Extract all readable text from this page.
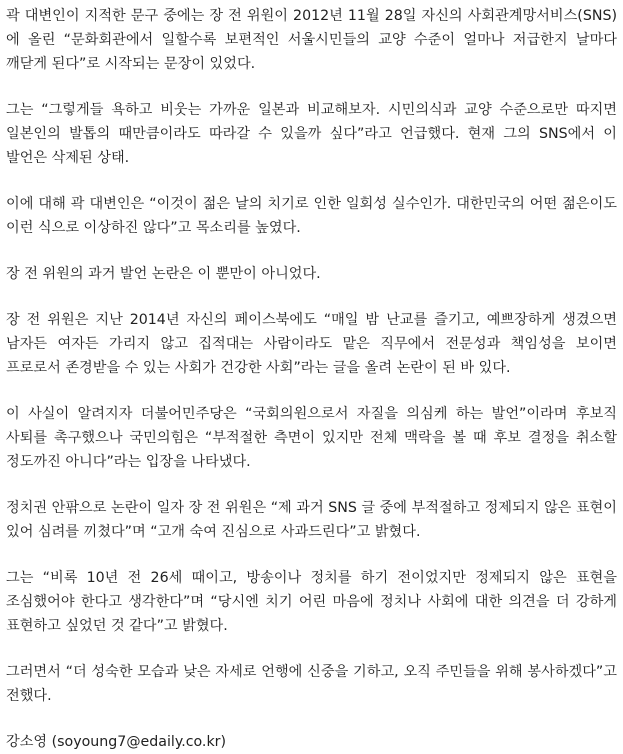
곽 대변인이 지적한 문구 중에는 장 전 위원이 2012년 11월 28일 자신의 사회관계망서비스(SNS)에 올린 “문화회관에서 일할수록 보편적인 서울시민들의 교양 수준이 얼마나 저급한지 날마다 깨닫게 된다”로 시작되는 문장이 있었다.

그는 “그렇게들 욕하고 비웃는 가까운 일본과 비교해보자. 시민의식과 교양 수준으로만 따지면 일본인의 발톱의 때만큼이라도 따라갈 수 있을까 싶다”라고 언급했다. 현재 그의 SNS에서 이 발언은 삭제된 상태.

이에 대해 곽 대변인은 “이것이 젊은 날의 치기로 인한 일회성 실수인가. 대한민국의 어떤 젊은이도 이런 식으로 이상하진 않다”고 목소리를 높였다.

장 전 위원의 과거 발언 논란은 이 뿐만이 아니었다.

장 전 위원은 지난 2014년 자신의 페이스북에도 “매일 밤 난교를 즐기고, 예쁘장하게 생겼으면 남자든 여자든 가리지 않고 집적대는 사람이라도 맡은 직무에서 전문성과 책임성을 보이면 프로로서 존경받을 수 있는 사회가 건강한 사회”라는 글을 올려 논란이 된 바 있다.

이 사실이 알려지자 더불어민주당은 “국회의원으로서 자질을 의심케 하는 발언”이라며 후보직 사퇴를 촉구했으나 국민의힘은 “부적절한 측면이 있지만 전체 맥락을 볼 때 후보 결정을 취소할 정도까진 아니다”라는 입장을 나타냈다.

정치권 안팎으로 논란이 일자 장 전 위원은 “제 과거 SNS 글 중에 부적절하고 정제되지 않은 표현이 있어 심려를 끼쳤다”며 “고개 숙여 진심으로 사과드린다”고 밝혔다.

그는 “비록 10년 전 26세 때이고, 방송이나 정치를 하기 전이었지만 정제되지 않은 표현을 조심했어야 한다고 생각한다”며 “당시엔 치기 어린 마음에 정치나 사회에 대한 의견을 더 강하게 표현하고 싶었던 것 같다”고 밝혔다.

그러면서 “더 성숙한 모습과 낮은 자세로 언행에 신중을 기하고, 오직 주민들을 위해 봉사하겠다”고 전했다.

강소영 (soyoung7@edaily.co.kr)
